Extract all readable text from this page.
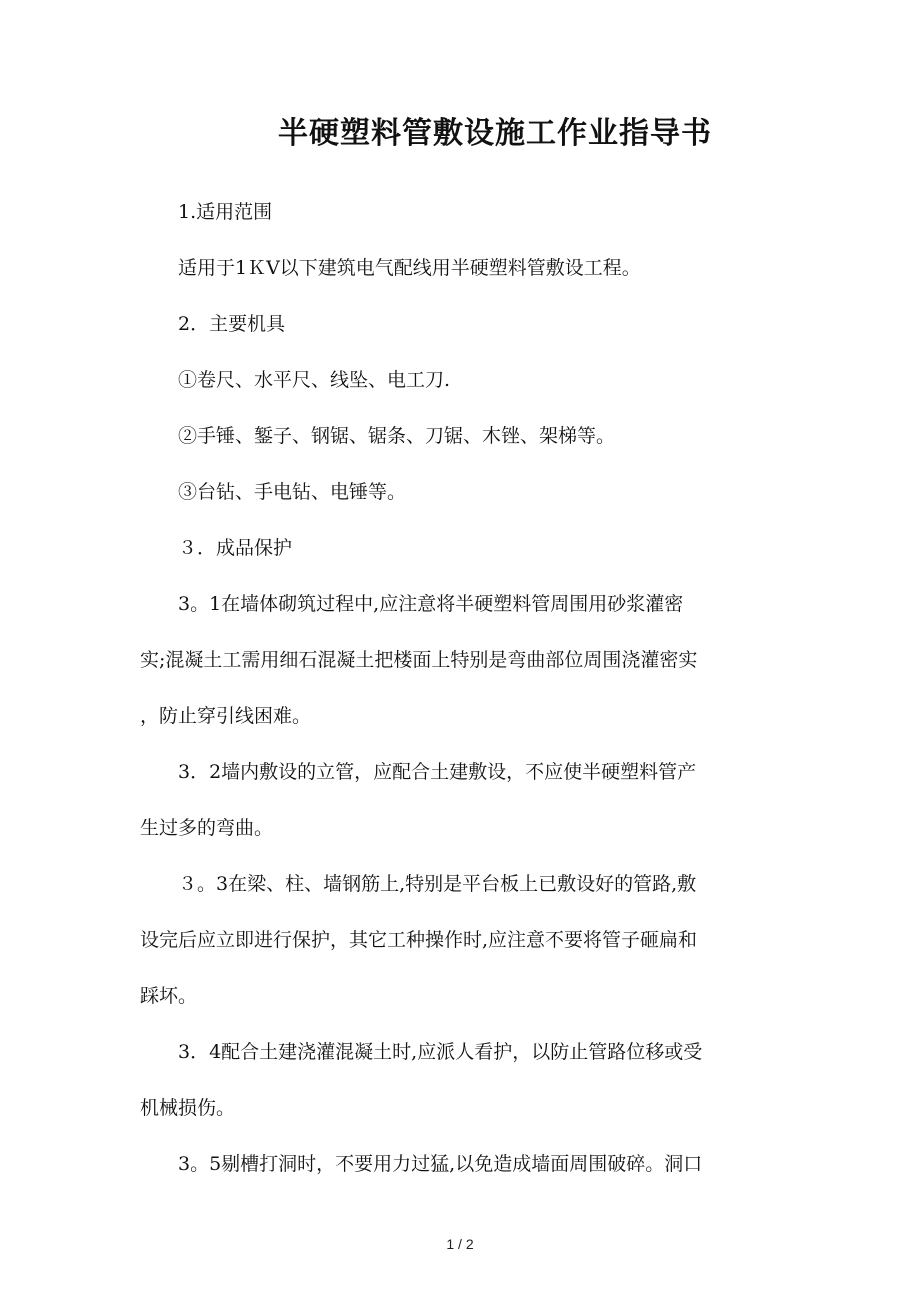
半硬塑料管敷设施工作业指导书
1.适用范围
适用于1ＫV以下建筑电气配线用半硬塑料管敷设工程。
2．主要机具
①卷尺、水平尺、线坠、电工刀.
②手锤、錾子、钢锯、锯条、刀锯、木锉、架梯等。
③台钻、手电钻、电锤等。
３．成品保护
3。1在墙体砌筑过程中,应注意将半硬塑料管周围用砂浆灌密
实;混凝土工需用细石混凝土把楼面上特别是弯曲部位周围浇灌密实
，防止穿引线困难。
3．2墙内敷设的立管，应配合土建敷设，不应使半硬塑料管产
生过多的弯曲。
３。3在梁、柱、墙钢筋上,特别是平台板上已敷设好的管路,敷
设完后应立即进行保护，其它工种操作时,应注意不要将管子砸扁和
踩坏。
3．4配合土建浇灌混凝土时,应派人看护，以防止管路位移或受
机械损伤。
3。5剔槽打洞时，不要用力过猛,以免造成墙面周围破碎。洞口
1 / 2
